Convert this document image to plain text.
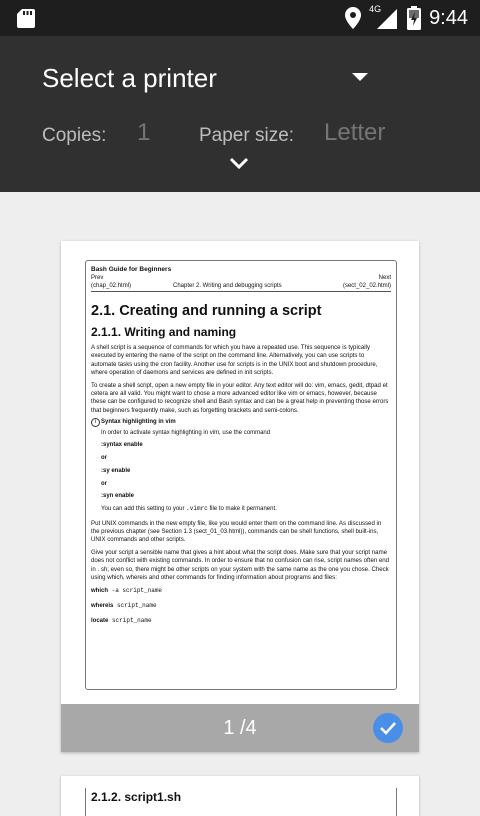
4G 9:44
Select a printer
Copies: 1	Paper size: Letter
Bash Guide for Beginners
Prev	Next
(chap_02.html)	Chapter 2. Writing and debugging scripts	(sect_02_02.html)
2.1. Creating and running a script
2.1.1. Writing and naming

A shell script is a sequence of commands for which you have a repeated use. This sequence is typically executed by entering the name of the script on the command line. Alternatively, you can use scripts to automate tasks using the cron facility. Another use for scripts is in the UNIX boot and shutdown procedure, where operation of daemons and services are defined in init scripts.

To create a shell script, open a new empty file in your editor. Any text editor will do: vim, emacs, gedit, dtpad et cetera are all valid. You might want to chose a more advanced editor like vim or emacs, however, because these can be configured to recognize shell and Bash syntax and can be a great help in preventing those errors that beginners frequently make, such as forgetting brackets and semi-colons.

i Syntax highlighting in vim
In order to activate syntax highlighting in vim, use the command
:syntax enable
or
:sy enable
or
:syn enable
You can add this setting to your .vimrc file to make it permanent.

Put UNIX commands in the new empty file, like you would enter them on the command line. As discussed in the previous chapter (see Section 1.3 (sect_01_03.html)), commands can be shell functions, shell built-ins, UNIX commands and other scripts.

Give your script a sensible name that gives a hint about what the script does. Make sure that your script name does not conflict with existing commands. In order to ensure that no confusion can rise, script names often end in . sh; even so, there might be other scripts on your system with the same name as the one you chose. Check using which, whereis and other commands for finding information about programs and files:

which -a script_name
whereis script_name
locate script_name
1 /4
2.1.2. script1.sh
